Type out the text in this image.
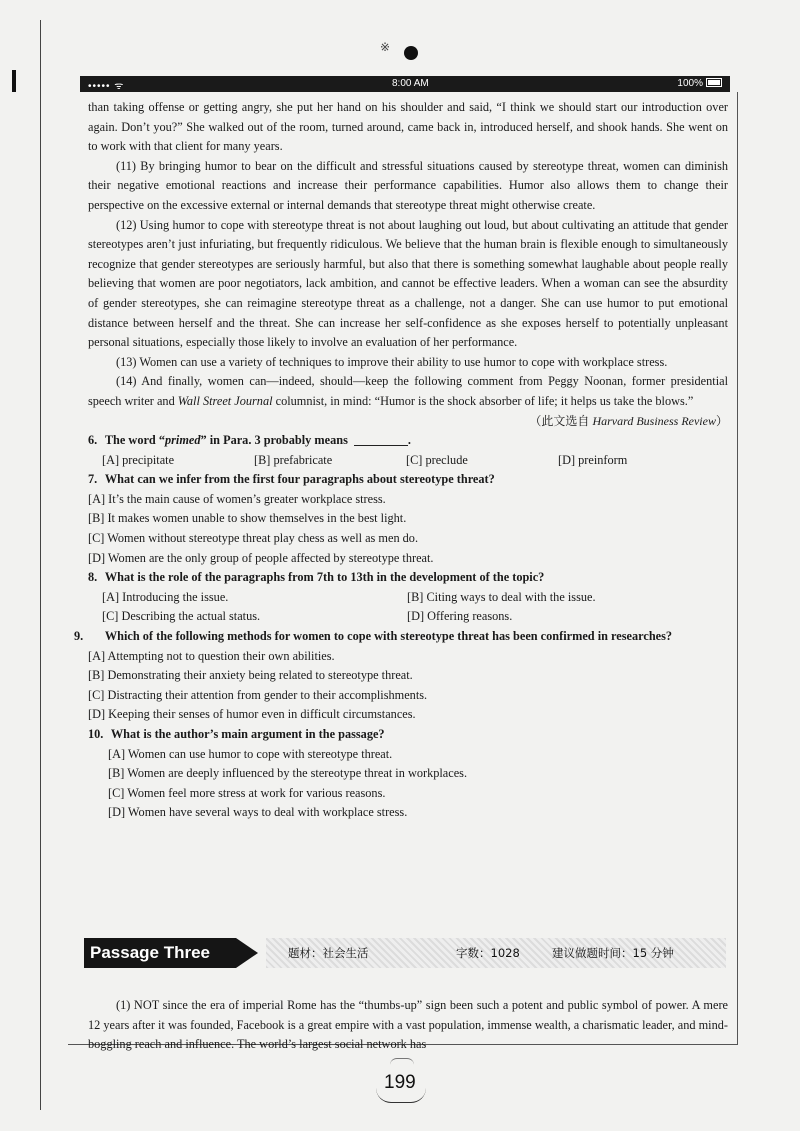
※
••••• ᯤ	8:00 AM	100%

than taking offense or getting angry, she put her hand on his shoulder and said, “I think we should start our introduction over again. Don’t you?” She walked out of the room, turned around, came back in, introduced herself, and shook hands. She went on to work with that client for many years.

(11) By bringing humor to bear on the difficult and stressful situations caused by stereotype threat, women can diminish their negative emotional reactions and increase their performance capabilities. Humor also allows them to change their perspective on the excessive external or internal demands that stereotype threat might otherwise create.

(12) Using humor to cope with stereotype threat is not about laughing out loud, but about cultivating an attitude that gender stereotypes aren’t just infuriating, but frequently ridiculous. We believe that the human brain is flexible enough to simultaneously recognize that gender stereotypes are seriously harmful, but also that there is something somewhat laughable about people really believing that women are poor negotiators, lack ambition, and cannot be effective leaders. When a woman can see the absurdity of gender stereotypes, she can reimagine stereotype threat as a challenge, not a danger. She can use humor to put emotional distance between herself and the threat. She can increase her self-confidence as she exposes herself to potentially unpleasant personal situations, especially those likely to involve an evaluation of her performance.

(13) Women can use a variety of techniques to improve their ability to use humor to cope with workplace stress.

(14) And finally, women can—indeed, should—keep the following comment from Peggy Noonan, former presidential speech writer and Wall Street Journal columnist, in mind: “Humor is the shock absorber of life; it helps us take the blows.”

（此文选自 Harvard Business Review）

6. The word “primed” in Para. 3 probably means	.

[A] precipitate	[B] prefabricate	[C] preclude	[D] preinform

7. What can we infer from the first four paragraphs about stereotype threat?

[A] It’s the main cause of women’s greater workplace stress.

[B] It makes women unable to show themselves in the best light.

[C] Women without stereotype threat play chess as well as men do.

[D] Women are the only group of people affected by stereotype threat.

8. What is the role of the paragraphs from 7th to 13th in the development of the topic?

[A] Introducing the issue.	[B] Citing ways to deal with the issue.
[C] Describing the actual status.	[D] Offering reasons.

9. Which of the following methods for women to cope with stereotype threat has been confirmed in researches?

[A] Attempting not to question their own abilities.

[B] Demonstrating their anxiety being related to stereotype threat.

[C] Distracting their attention from gender to their accomplishments.

[D] Keeping their senses of humor even in difficult circumstances.

10. What is the author’s main argument in the passage?

[A] Women can use humor to cope with stereotype threat.

[B] Women are deeply influenced by the stereotype threat in workplaces.

[C] Women feel more stress at work for various reasons.

[D] Women have several ways to deal with workplace stress.

Passage Three	题材：社会生活	字数：1028	建议做题时间：15 分钟

(1) NOT since the era of imperial Rome has the “thumbs-up” sign been such a potent and public symbol of power. A mere 12 years after it was founded, Facebook is a great empire with a vast population, immense wealth, a charismatic leader, and mind-boggling reach and influence. The world’s largest social network has

199
